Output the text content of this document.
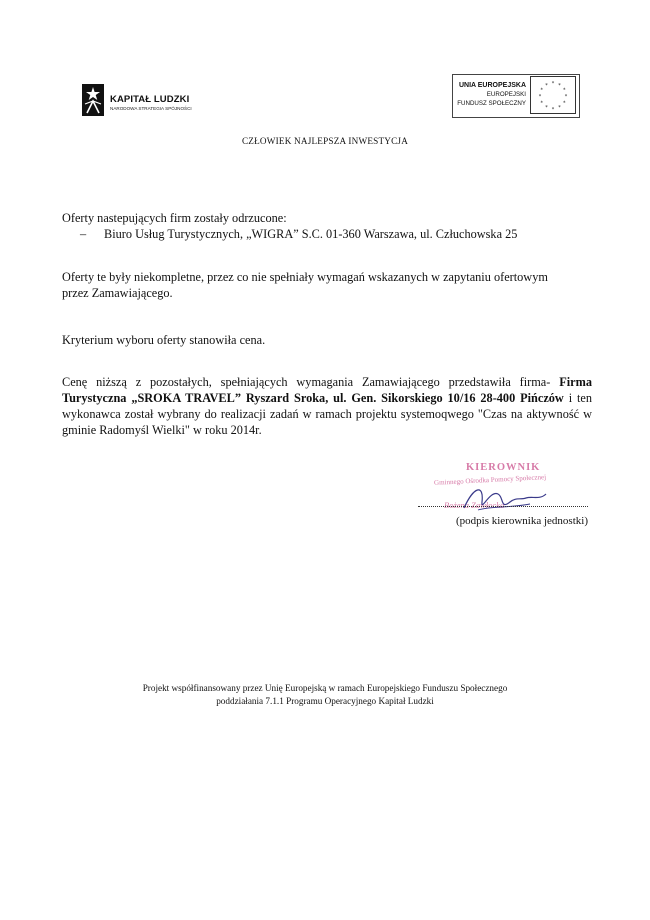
KAPITAŁ LUDZKI
NARODOWA STRATEGIA SPÓJNOŚCI
UNIA EUROPEJSKA
EUROPEJSKI
FUNDUSZ SPOŁECZNY
* *
*
*
*
*
*
*
*
*
*
*
CZŁOWIEK NAJLEPSZA INWESTYCJA
Oferty nastepujących firm zostały odrzucone:
– Biuro Usług Turystycznych, „WIGRA” S.C. 01-360 Warszawa, ul. Człuchowska 25
Oferty te były niekompletne, przez co nie spełniały wymagań wskazanych w zapytaniu ofertowym
przez Zamawiającego.
Kryterium wyboru oferty stanowiła cena.
Cenę niższą z pozostałych, spełniających wymagania Zamawiającego przedstawiła firma- Firma Turystyczna „SROKA TRAVEL” Ryszard Sroka, ul. Gen. Sikorskiego 10/16 28-400 Pińczów i ten wykonawca został wybrany do realizacji zadań w ramach projektu systemoqwego "Czas na aktywność w gminie Radomyśl Wielki" w roku 2014r.
KIEROWNIK
Gminnego Ośrodka Pomocy Społecznej
Bożena Zawłocka
(podpis kierownika jednostki)
Projekt współfinansowany przez Unię Europejską w ramach Europejskiego Funduszu Społecznego
poddziałania 7.1.1 Programu Operacyjnego Kapitał Ludzki
